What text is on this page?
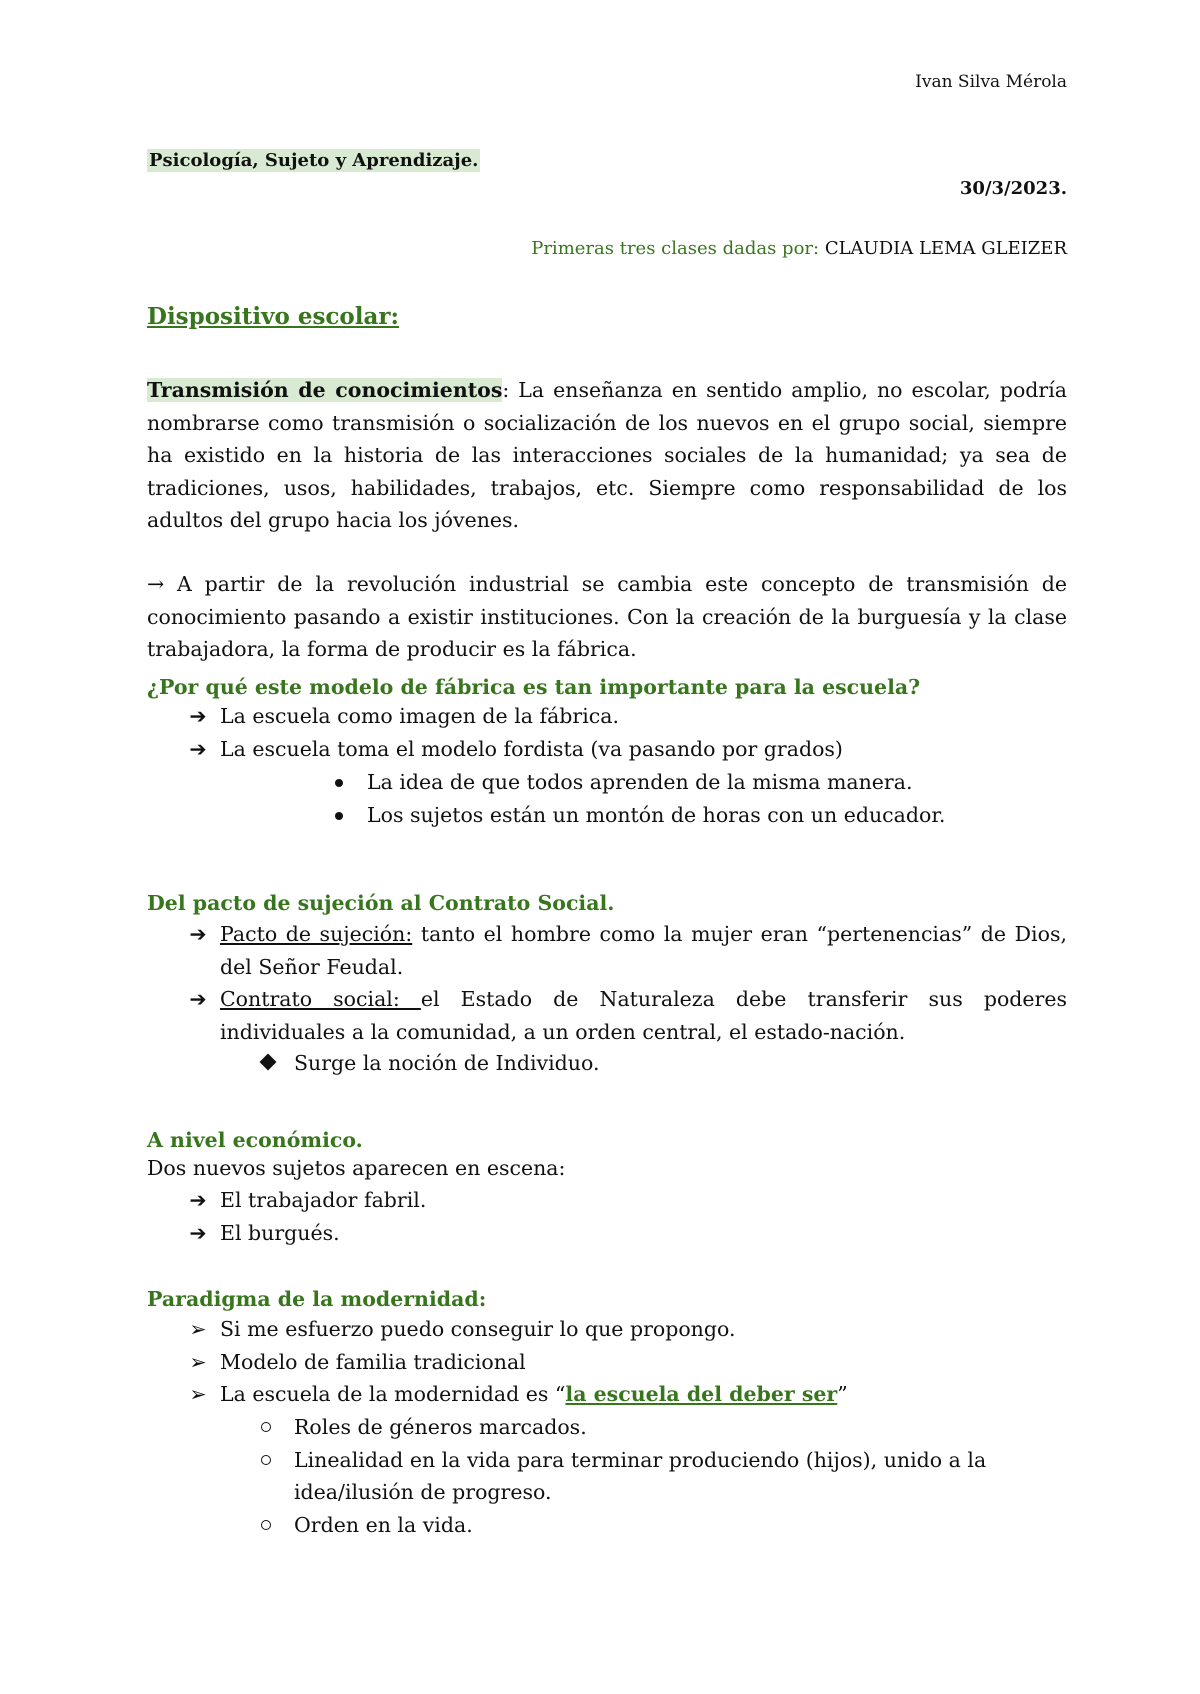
Ivan Silva Mérola
Psicología, Sujeto y Aprendizaje.
30/3/2023.
Primeras tres clases dadas por: CLAUDIA LEMA GLEIZER
Dispositivo escolar:
Transmisión de conocimientos: La enseñanza en sentido amplio, no escolar, podría nombrarse como transmisión o socialización de los nuevos en el grupo social, siempre ha existido en la historia de las interacciones sociales de la humanidad; ya sea de tradiciones, usos, habilidades, trabajos, etc. Siempre como responsabilidad de los adultos del grupo hacia los jóvenes.
→ A partir de la revolución industrial se cambia este concepto de transmisión de conocimiento pasando a existir instituciones. Con la creación de la burguesía y la clase trabajadora, la forma de producir es la fábrica.
¿Por qué este modelo de fábrica es tan importante para la escuela?
➔ La escuela como imagen de la fábrica.
➔ La escuela toma el modelo fordista (va pasando por grados)
La idea de que todos aprenden de la misma manera.
Los sujetos están un montón de horas con un educador.
Del pacto de sujeción al Contrato Social.
➔ Pacto de sujeción: tanto el hombre como la mujer eran “pertenencias” de Dios, del Señor Feudal.
➔ Contrato social: el Estado de Naturaleza debe transferir sus poderes individuales a la comunidad, a un orden central, el estado-nación.
Surge la noción de Individuo.
A nivel económico.
Dos nuevos sujetos aparecen en escena:
➔ El trabajador fabril.
➔ El burgués.
Paradigma de la modernidad:
➢ Si me esfuerzo puedo conseguir lo que propongo.
➢ Modelo de familia tradicional
➢ La escuela de la modernidad es “la escuela del deber ser”
Roles de géneros marcados.
Linealidad en la vida para terminar produciendo (hijos), unido a la idea/ilusión de progreso.
Orden en la vida.
